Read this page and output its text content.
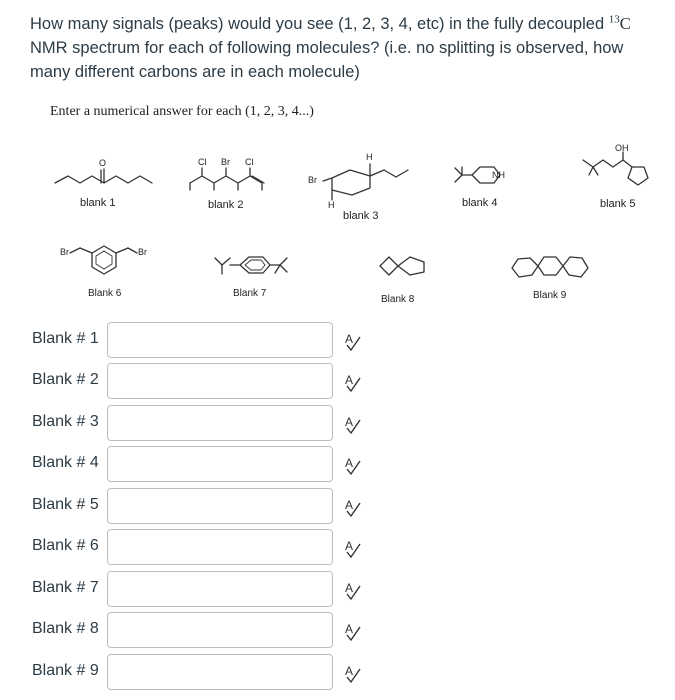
How many signals (peaks) would you see (1, 2, 3, 4, etc) in the fully decoupled $^{13}$C NMR spectrum for each of following molecules? (i.e. no splitting is observed, how many different carbons are in each molecule)
Enter a numerical answer for each (1, 2, 3, 4...)
O	Cl Br Cl	H
Br
H
NH
OH
Br	Br
blank 1	blank 2
blank 3
blank 4	blank 5
Blank 6	Blank 7
Blank 8	Blank 9
Blank # 1	A
Blank # 2	A
Blank # 3	A
Blank # 4	A
Blank # 5	A
Blank # 6	A
Blank # 7	A
Blank # 8	A
Blank # 9	A
